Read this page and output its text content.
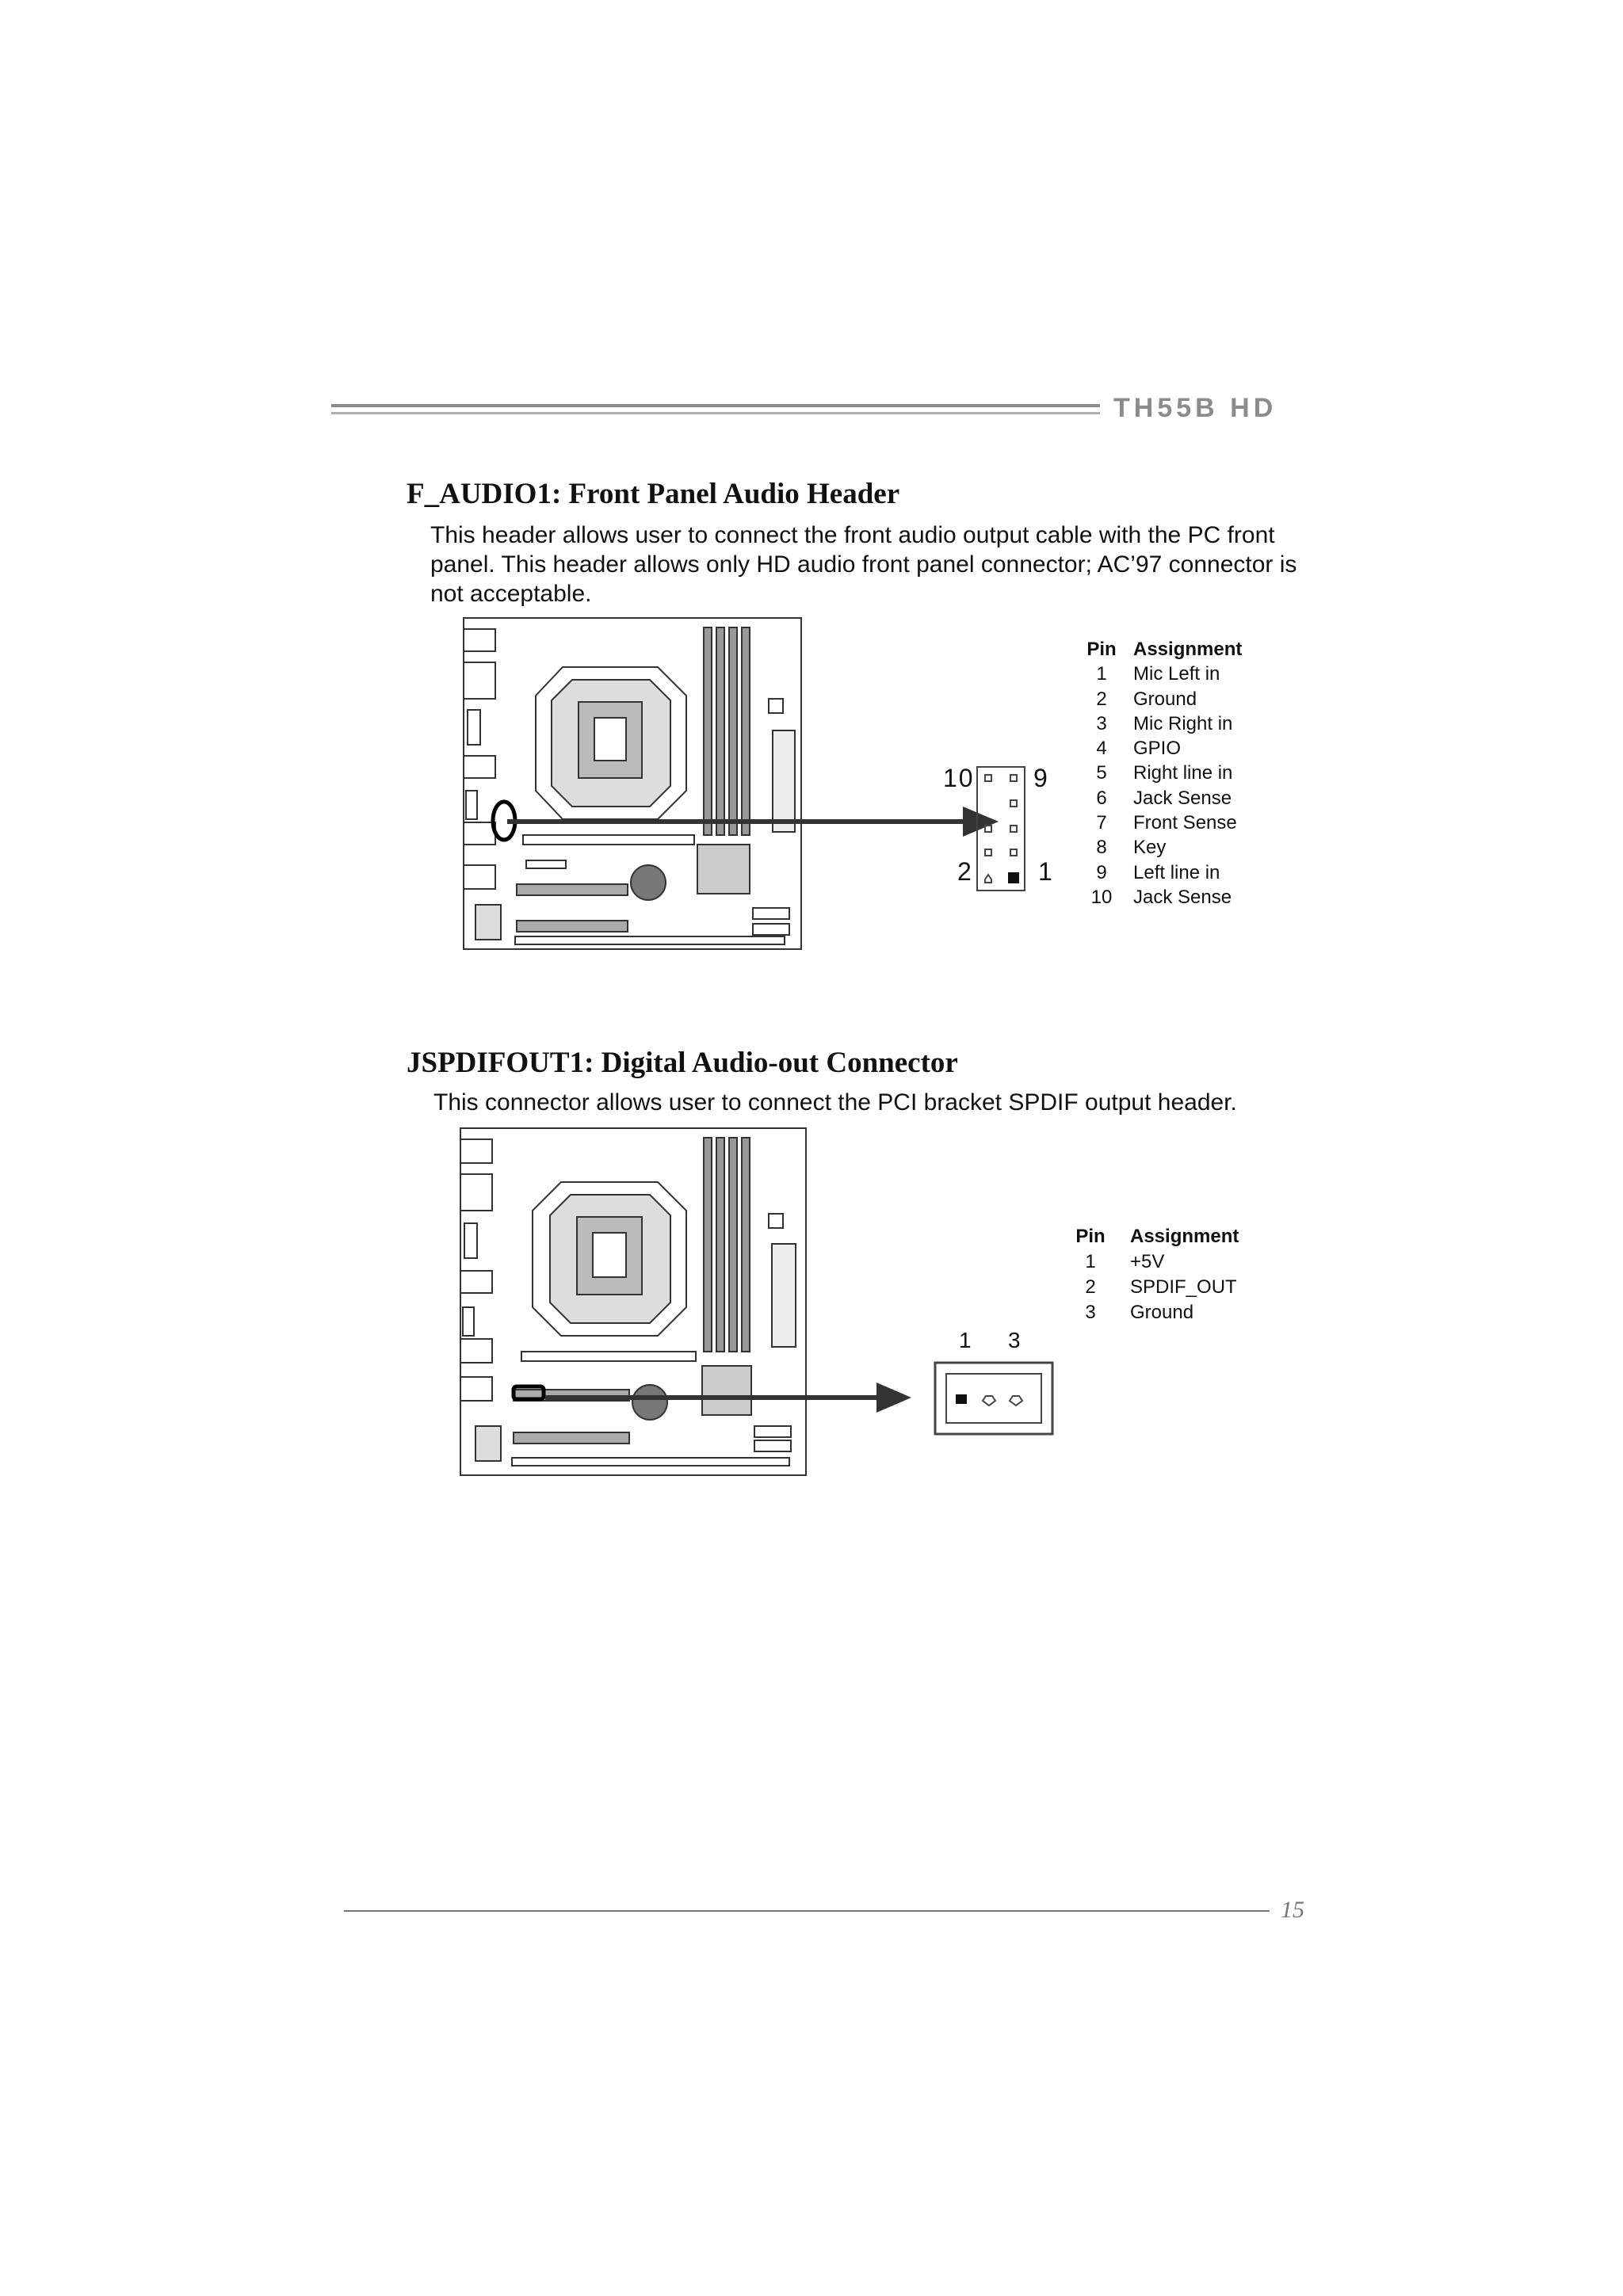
TH55B HD
F_AUDIO1: Front Panel Audio Header

This header allows user to connect the front audio output cable with the PC front panel. This header allows only HD audio front panel connector; AC’97 connector is not acceptable.

10 9
2	1
Pin	Assignment
1	Mic Left in
2	Ground
3	Mic Right in
4	GPIO
5	Right line in
6	Jack Sense
7	Front Sense
8	Key
9	Left line in
10	Jack Sense
JSPDIFOUT1: Digital Audio-out Connector

This connector allows user to connect the PCI bracket SPDIF output header.

1 3
Pin	Assignment
1	+5V
2	SPDIF_OUT
3	Ground
15
